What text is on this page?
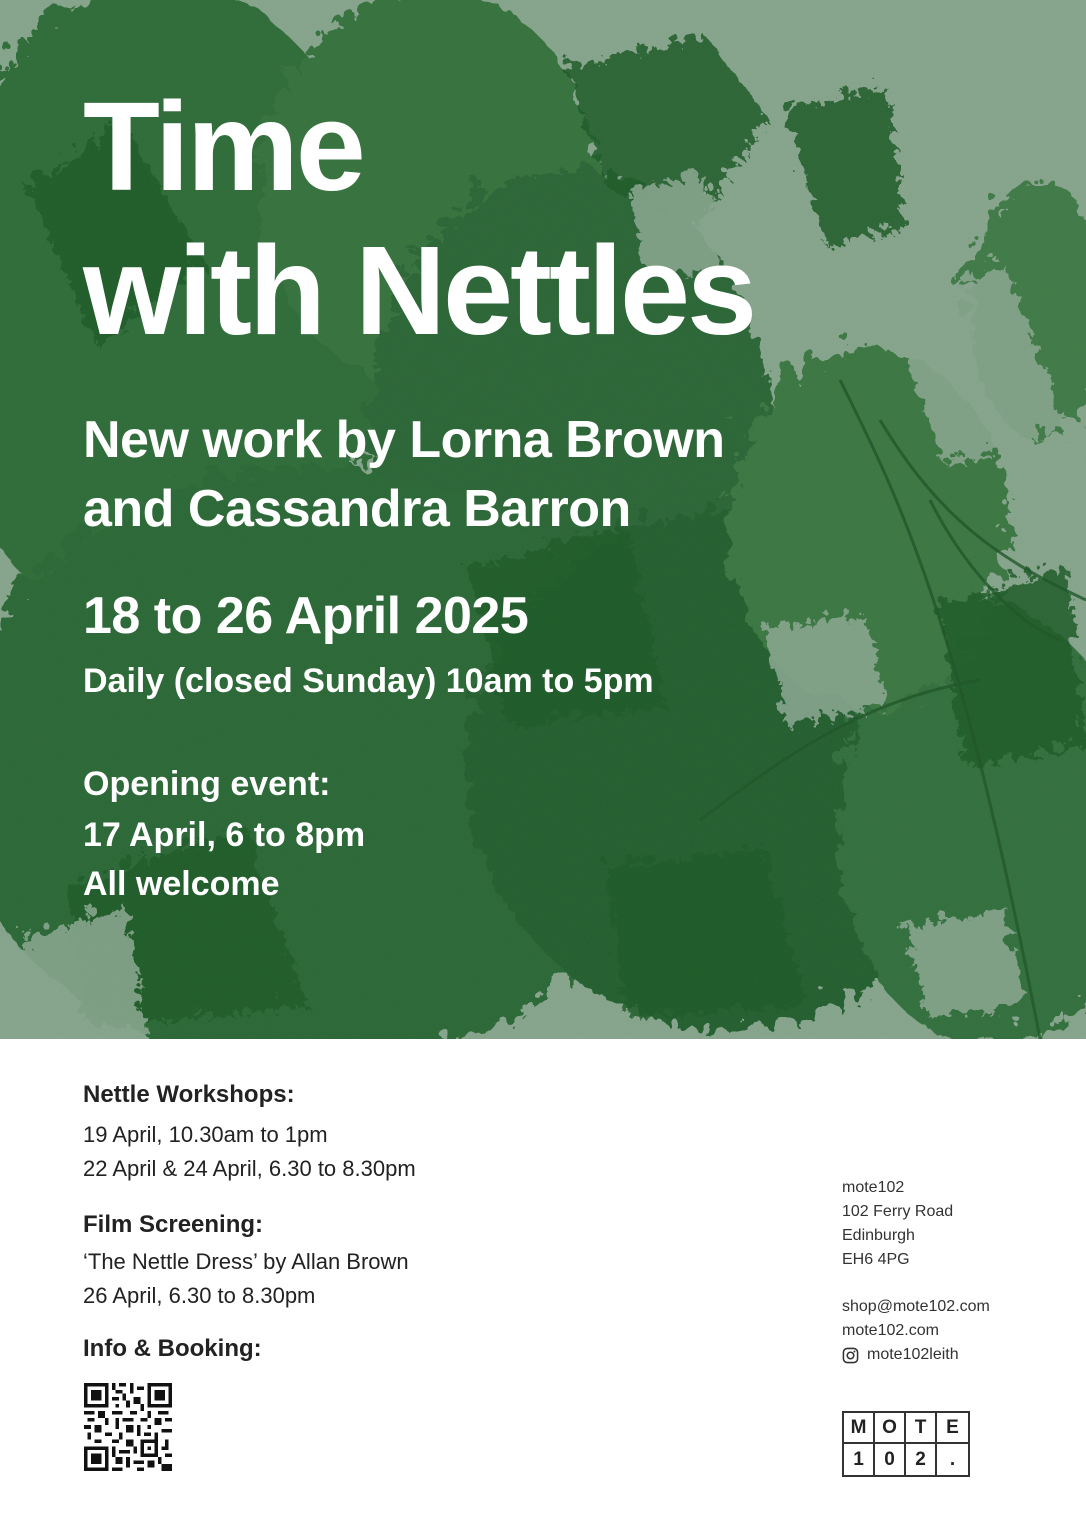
Time
with Nettles
New work by Lorna Brown
and Cassandra Barron
18 to 26 April 2025
Daily (closed Sunday) 10am to 5pm
Opening event:
17 April, 6 to 8pm
All welcome
Nettle Workshops:
19 April, 10.30am to 1pm
22 April & 24 April, 6.30 to 8.30pm
Film Screening:
‘The Nettle Dress’ by Allan Brown
26 April, 6.30 to 8.30pm
Info & Booking:
mote102
102 Ferry Road
Edinburgh
EH6 4PG
shop@mote102.com
mote102.com
mote102leith
M O T	E
1	0	2	.
